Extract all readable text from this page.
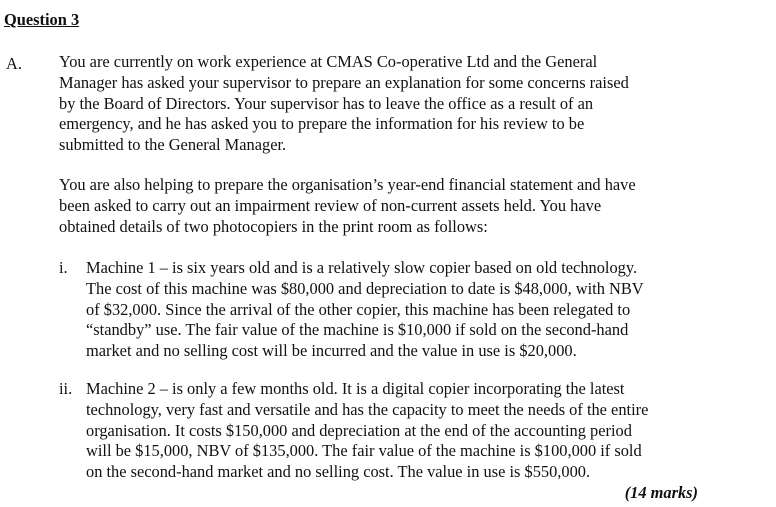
Question 3
A. You are currently on work experience at CMAS Co-operative Ltd and the General
Manager has asked your supervisor to prepare an explanation for some concerns raised
by the Board of Directors. Your supervisor has to leave the office as a result of an
emergency, and he has asked you to prepare the information for his review to be
submitted to the General Manager.

You are also helping to prepare the organisation’s year-end financial statement and have
been asked to carry out an impairment review of non-current assets held. You have
obtained details of two photocopiers in the print room as follows:

i. Machine 1 – is six years old and is a relatively slow copier based on old technology.
The cost of this machine was $80,000 and depreciation to date is $48,000, with NBV
of $32,000. Since the arrival of the other copier, this machine has been relegated to
“standby” use. The fair value of the machine is $10,000 if sold on the second-hand
market and no selling cost will be incurred and the value in use is $20,000.

ii. Machine 2 – is only a few months old. It is a digital copier incorporating the latest
technology, very fast and versatile and has the capacity to meet the needs of the entire
organisation. It costs $150,000 and depreciation at the end of the accounting period
will be $15,000, NBV of $135,000. The fair value of the machine is $100,000 if sold
on the second-hand market and no selling cost. The value in use is $550,000.

(14 marks)
